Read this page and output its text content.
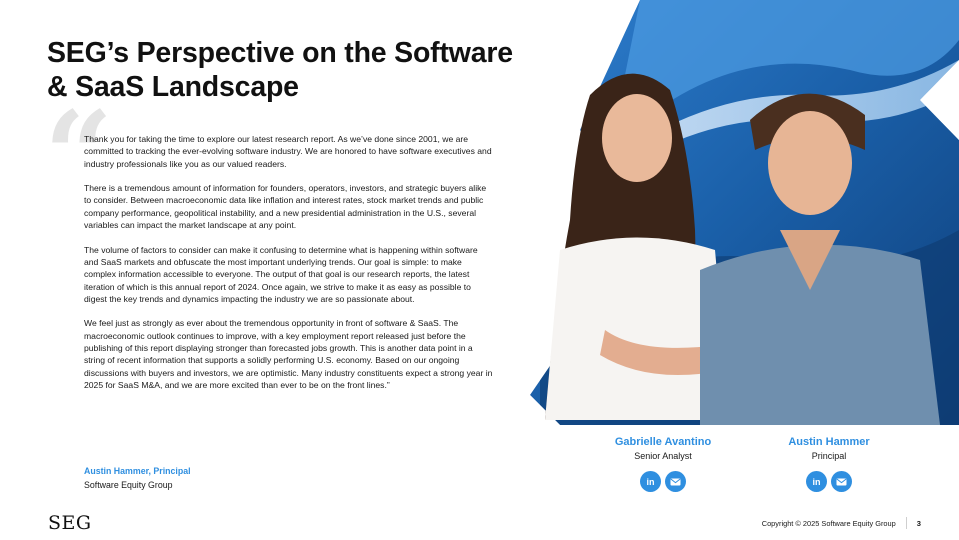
SEG’s Perspective on the Software & SaaS Landscape
“

Thank you for taking the time to explore our latest research report. As we’ve done since 2001, we are committed to tracking the ever-evolving software industry. We are honored to have software executives and industry professionals like you as our valued readers.

There is a tremendous amount of information for founders, operators, investors, and strategic buyers alike to consider. Between macroeconomic data like inflation and interest rates, stock market trends and public company performance, geopolitical instability, and a new presidential administration in the U.S., several variables can impact the market landscape at any point.

The volume of factors to consider can make it confusing to determine what is happening within software and SaaS markets and obfuscate the most important underlying trends. Our goal is simple: to make complex information accessible to everyone. The output of that goal is our research reports, the latest iteration of which is this annual report of 2024. Once again, we strive to make it as easy as possible to digest the key trends and dynamics impacting the industry we are so passionate about.

We feel just as strongly as ever about the tremendous opportunity in front of software & SaaS. The macroeconomic outlook continues to improve, with a key employment report released just before the publishing of this report displaying stronger than forecasted jobs growth. This is another data point in a string of recent information that supports a solidly performing U.S. economy. Based on our ongoing discussions with buyers and investors, we are optimistic. Many industry constituents expect a strong year in 2025 for SaaS M&A, and we are more excited than ever to be on the front lines.”

Austin Hammer, Principal
Software Equity Group
SEG
Gabrielle Avantino
Senior Analyst
in
Austin Hammer
Principal
in
Copyright © 2025 Software Equity Group	3
